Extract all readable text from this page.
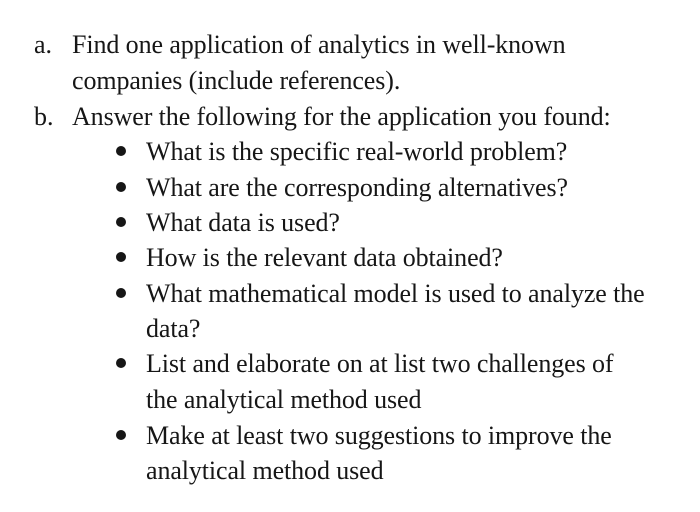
a. Find one application of analytics in well-known
companies (include references).
b. Answer the following for the application you found:
What is the specific real-world problem?
What are the corresponding alternatives?
What data is used?
How is the relevant data obtained?
What mathematical model is used to analyze the
data?
List and elaborate on at list two challenges of
the analytical method used
Make at least two suggestions to improve the
analytical method used
